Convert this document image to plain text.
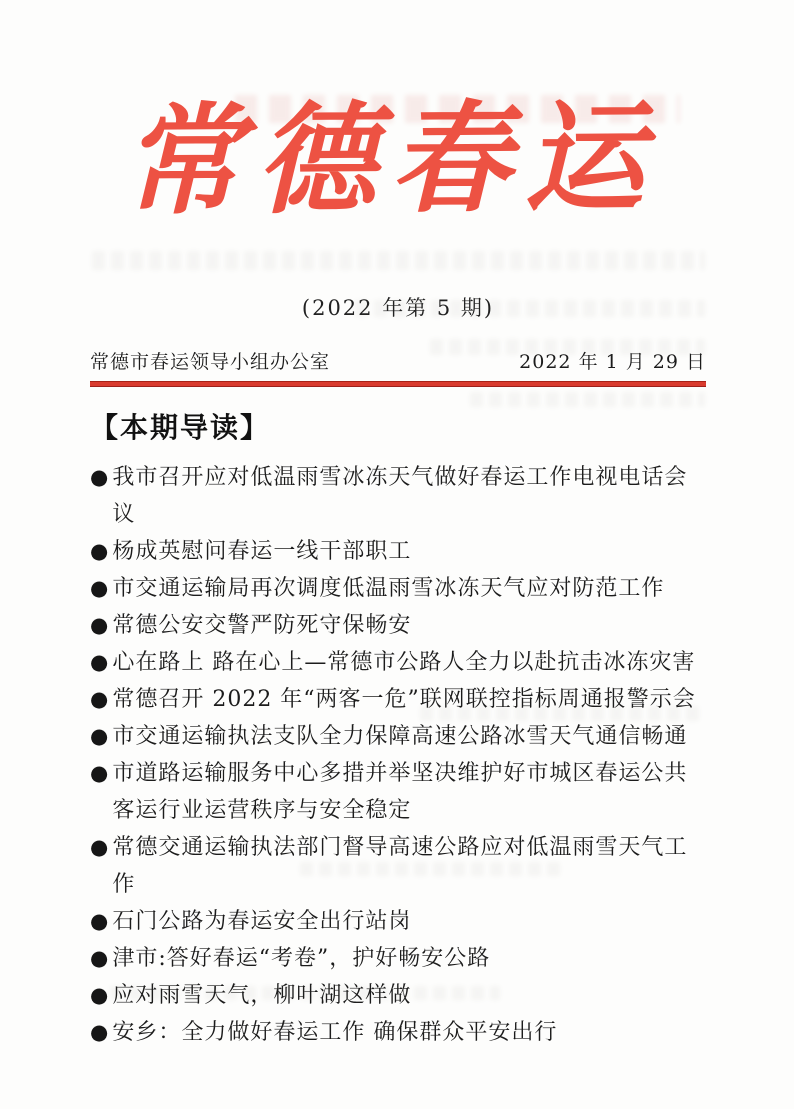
常德春运
(2022 年第 5 期)
常德市春运领导小组办公室	2022 年 1 月 29 日
【本期导读】
● 我市召开应对低温雨雪冰冻天气做好春运工作电视电话会议
● 杨成英慰问春运一线干部职工
● 市交通运输局再次调度低温雨雪冰冻天气应对防范工作
● 常德公安交警严防死守保畅安
● 心在路上 路在心上—常德市公路人全力以赴抗击冰冻灾害
● 常德召开 2022 年“两客一危”联网联控指标周通报警示会
● 市交通运输执法支队全力保障高速公路冰雪天气通信畅通
● 市道路运输服务中心多措并举坚决维护好市城区春运公共客运行业运营秩序与安全稳定
● 常德交通运输执法部门督导高速公路应对低温雨雪天气工作
● 石门公路为春运安全出行站岗
● 津市:答好春运“考卷”，护好畅安公路
● 应对雨雪天气，柳叶湖这样做
● 安乡：全力做好春运工作 确保群众平安出行
